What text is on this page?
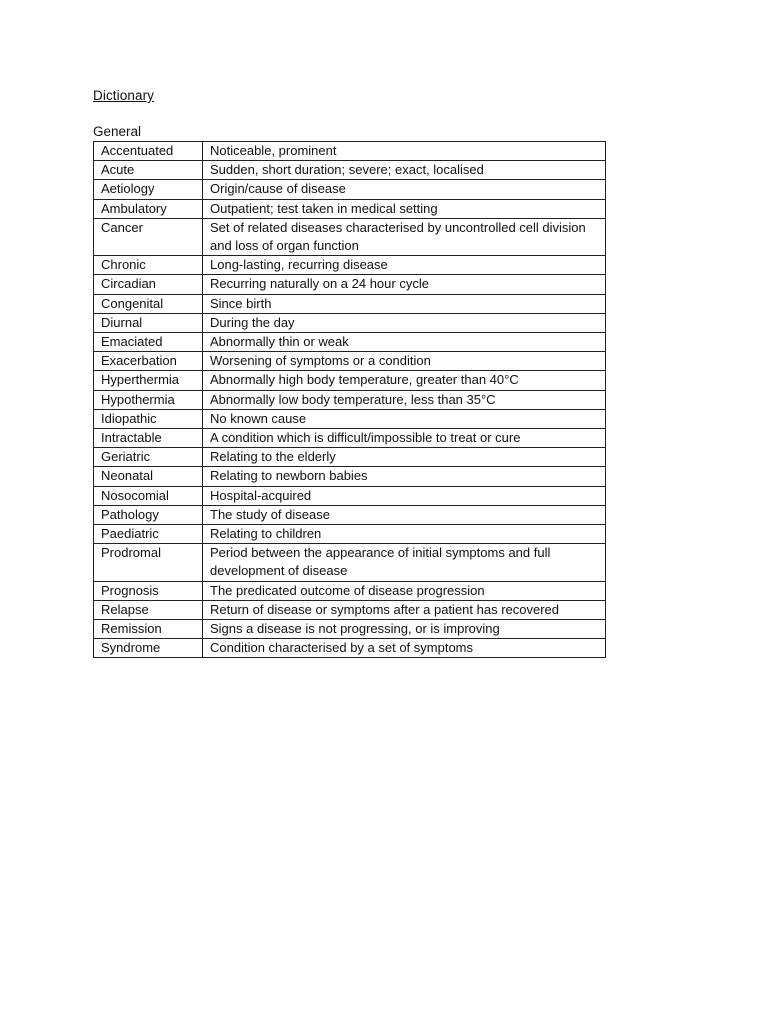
Dictionary
General
Accentuated	Noticeable, prominent
Acute	Sudden, short duration; severe; exact, localised
Aetiology	Origin/cause of disease
Ambulatory	Outpatient; test taken in medical setting
Cancer	Set of related diseases characterised by uncontrolled cell division and loss of organ function
Chronic	Long-lasting, recurring disease
Circadian	Recurring naturally on a 24 hour cycle
Congenital	Since birth
Diurnal	During the day
Emaciated	Abnormally thin or weak
Exacerbation	Worsening of symptoms or a condition
Hyperthermia	Abnormally high body temperature, greater than 40°C
Hypothermia	Abnormally low body temperature, less than 35°C
Idiopathic	No known cause
Intractable	A condition which is difficult/impossible to treat or cure
Geriatric	Relating to the elderly
Neonatal	Relating to newborn babies
Nosocomial	Hospital-acquired
Pathology	The study of disease
Paediatric	Relating to children
Prodromal	Period between the appearance of initial symptoms and full development of disease
Prognosis	The predicated outcome of disease progression
Relapse	Return of disease or symptoms after a patient has recovered
Remission	Signs a disease is not progressing, or is improving
Syndrome	Condition characterised by a set of symptoms
